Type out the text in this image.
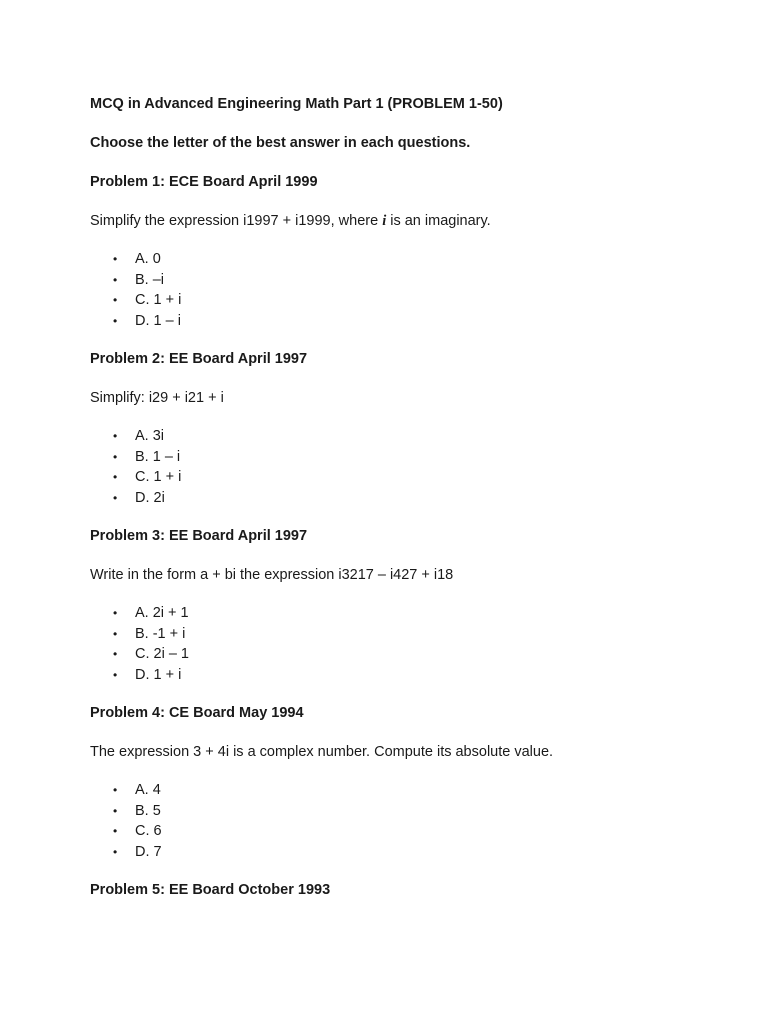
MCQ in Advanced Engineering Math Part 1 (PROBLEM 1-50)

Choose the letter of the best answer in each questions.

Problem 1: ECE Board April 1999

Simplify the expression i1997 + i1999, where i is an imaginary.

• A. 0
• B. –i
• C. 1 + i
• D. 1 – i

Problem 2: EE Board April 1997

Simplify: i29 + i21 + i

• A. 3i
• B. 1 – i
• C. 1 + i
• D. 2i

Problem 3: EE Board April 1997

Write in the form a + bi the expression i3217 – i427 + i18

• A. 2i + 1
• B. -1 + i
• C. 2i – 1
• D. 1 + i

Problem 4: CE Board May 1994

The expression 3 + 4i is a complex number. Compute its absolute value.

• A. 4
• B. 5
• C. 6
• D. 7

Problem 5: EE Board October 1993
